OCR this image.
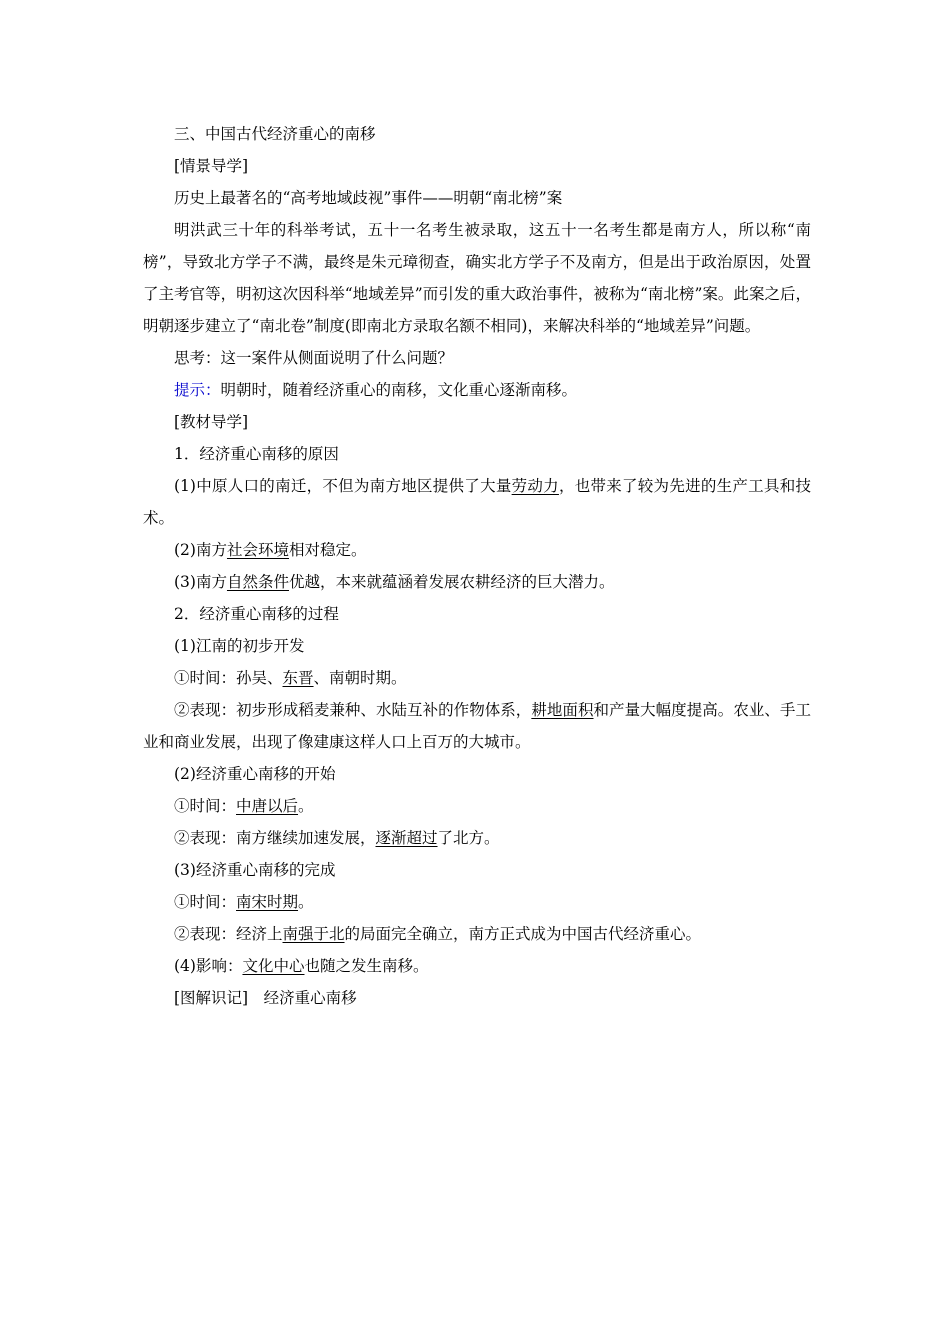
三、中国古代经济重心的南移

[情景导学]

历史上最著名的“高考地域歧视”事件——明朝“南北榜”案

明洪武三十年的科举考试，五十一名考生被录取，这五十一名考生都是南方人，所以称“南榜”，导致北方学子不满，最终是朱元璋彻查，确实北方学子不及南方，但是出于政治原因，处置了主考官等，明初这次因科举“地域差异”而引发的重大政治事件，被称为“南北榜”案。此案之后，明朝逐步建立了“南北卷”制度(即南北方录取名额不相同)，来解决科举的“地域差异”问题。

思考：这一案件从侧面说明了什么问题？

提示：明朝时，随着经济重心的南移，文化重心逐渐南移。

[教材导学]

1．经济重心南移的原因

(1)中原人口的南迁，不但为南方地区提供了大量劳动力，也带来了较为先进的生产工具和技术。

(2)南方社会环境相对稳定。

(3)南方自然条件优越，本来就蕴涵着发展农耕经济的巨大潜力。

2．经济重心南移的过程

(1)江南的初步开发

①时间：孙吴、东晋、南朝时期。

②表现：初步形成稻麦兼种、水陆互补的作物体系，耕地面积和产量大幅度提高。农业、手工业和商业发展，出现了像建康这样人口上百万的大城市。

(2)经济重心南移的开始

①时间：中唐以后。

②表现：南方继续加速发展，逐渐超过了北方。

(3)经济重心南移的完成

①时间：南宋时期。

②表现：经济上南强于北的局面完全确立，南方正式成为中国古代经济重心。

(4)影响：文化中心也随之发生南移。

[图解识记]　经济重心南移
